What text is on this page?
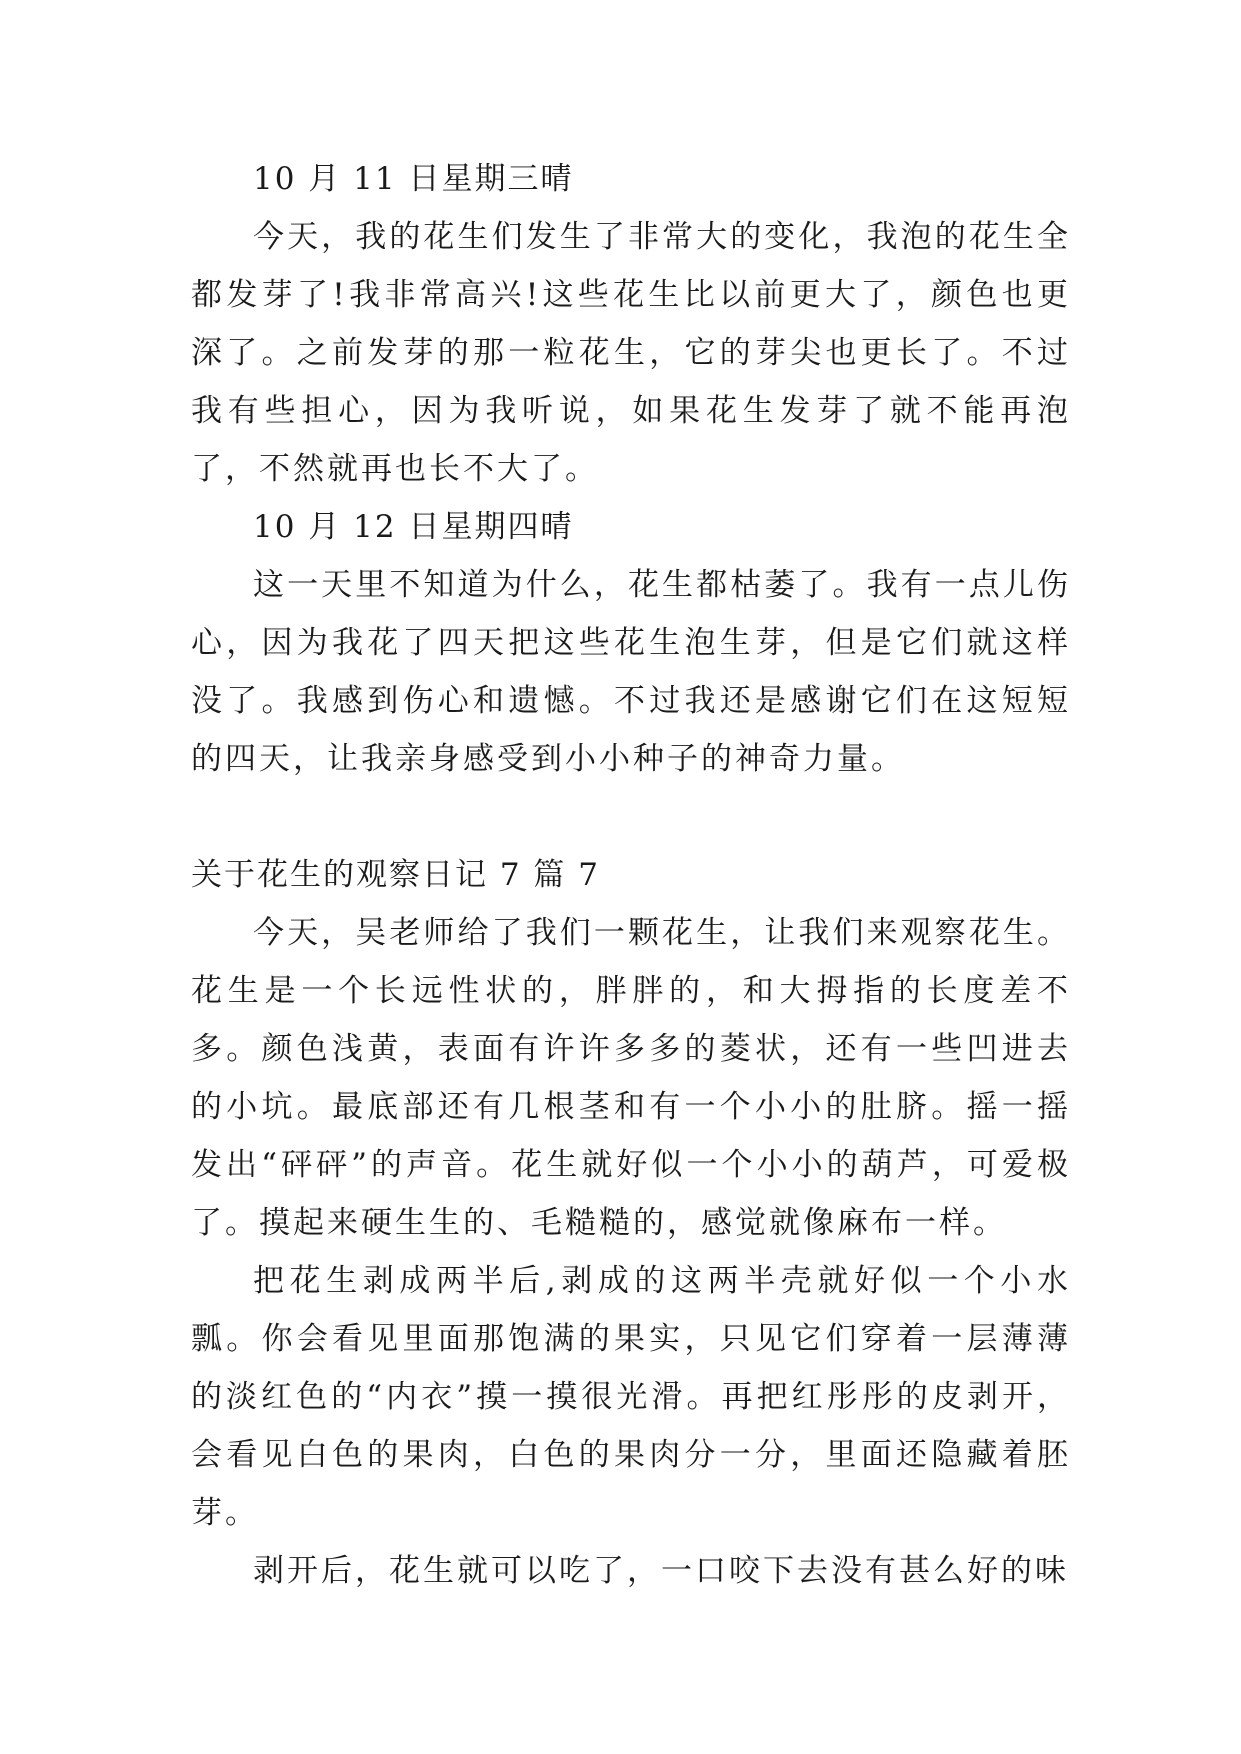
10 月 11 日星期三晴

今天，我的花生们发生了非常大的变化，我泡的花生全都发芽了!我非常高兴!这些花生比以前更大了，颜色也更深了。之前发芽的那一粒花生，它的芽尖也更长了。不过我有些担心，因为我听说，如果花生发芽了就不能再泡了，不然就再也长不大了。

10 月 12 日星期四晴

这一天里不知道为什么，花生都枯萎了。我有一点儿伤心，因为我花了四天把这些花生泡生芽，但是它们就这样没了。我感到伤心和遗憾。不过我还是感谢它们在这短短的四天，让我亲身感受到小小种子的神奇力量。

关于花生的观察日记 7 篇 7

今天，吴老师给了我们一颗花生，让我们来观察花生。花生是一个长远性状的，胖胖的，和大拇指的长度差不多。颜色浅黄，表面有许许多多的菱状，还有一些凹进去的小坑。最底部还有几根茎和有一个小小的肚脐。摇一摇发出“砰砰”的声音。花生就好似一个小小的葫芦，可爱极了。摸起来硬生生的、毛糙糙的，感觉就像麻布一样。

把花生剥成两半后,剥成的这两半壳就好似一个小水瓢。你会看见里面那饱满的果实，只见它们穿着一层薄薄的淡红色的“内衣”摸一摸很光滑。再把红彤彤的皮剥开，会看见白色的果肉，白色的果肉分一分，里面还隐藏着胚芽。

剥开后，花生就可以吃了，一口咬下去没有甚么好的味
